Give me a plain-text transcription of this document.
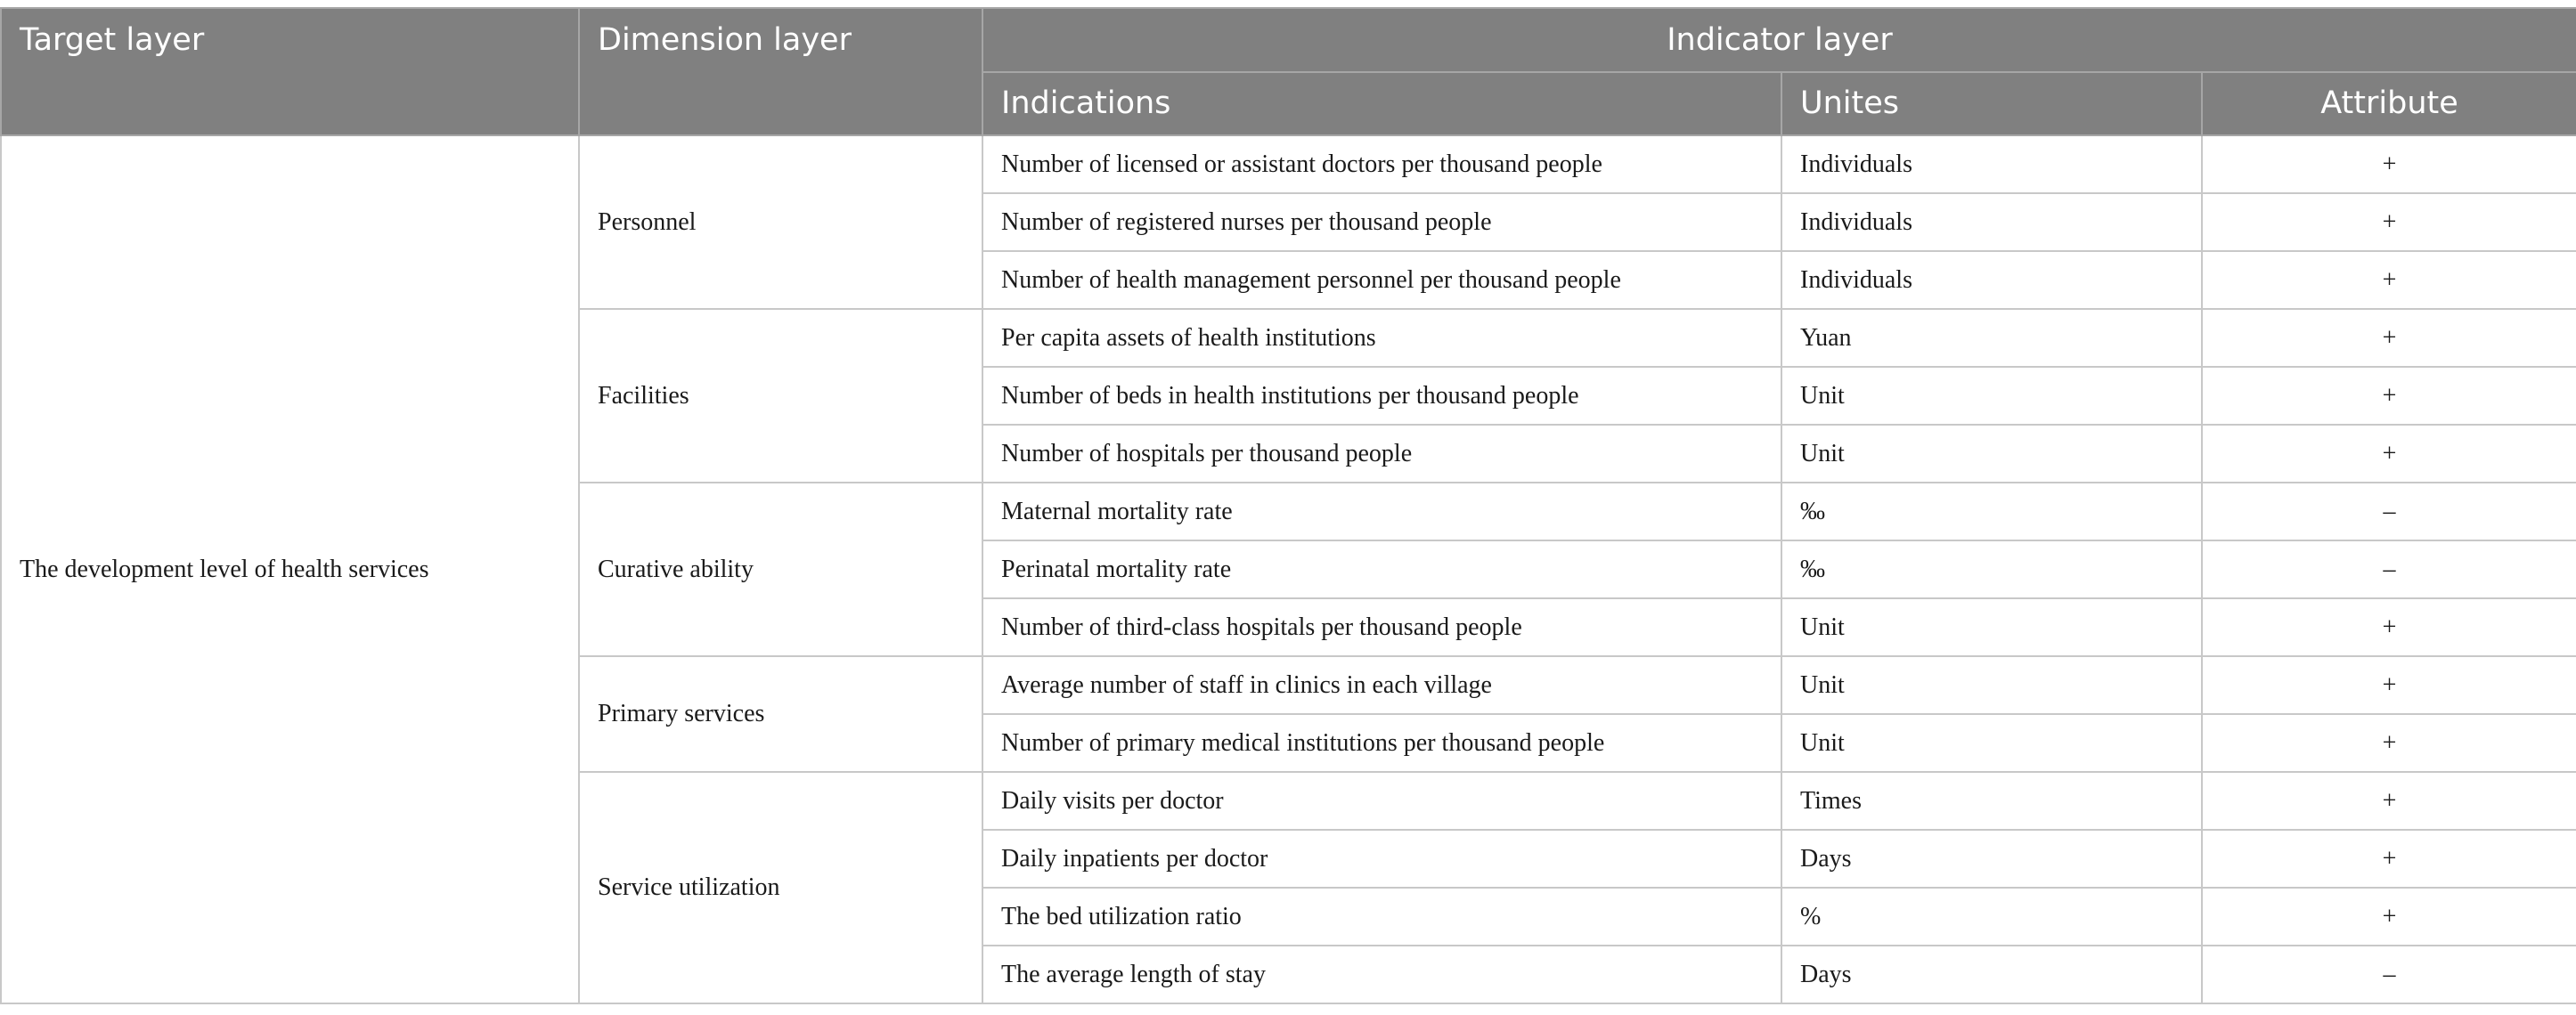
Target layer	Dimension layer	Indicator layer		
		Indications	Unites	Attribute
The development level of health services	Personnel	Number of licensed or assistant doctors per thousand people	Individuals	+
		Number of registered nurses per thousand people	Individuals	+
		Number of health management personnel per thousand people	Individuals	+
	Facilities	Per capita assets of health institutions	Yuan	+
		Number of beds in health institutions per thousand people	Unit	+
		Number of hospitals per thousand people	Unit	+
	Curative ability	Maternal mortality rate	‰	–
		Perinatal mortality rate	‰	–
		Number of third-class hospitals per thousand people	Unit	+
	Primary services	Average number of staff in clinics in each village	Unit	+
		Number of primary medical institutions per thousand people	Unit	+
	Service utilization	Daily visits per doctor	Times	+
		Daily inpatients per doctor	Days	+
		The bed utilization ratio	%	+
		The average length of stay	Days	–
